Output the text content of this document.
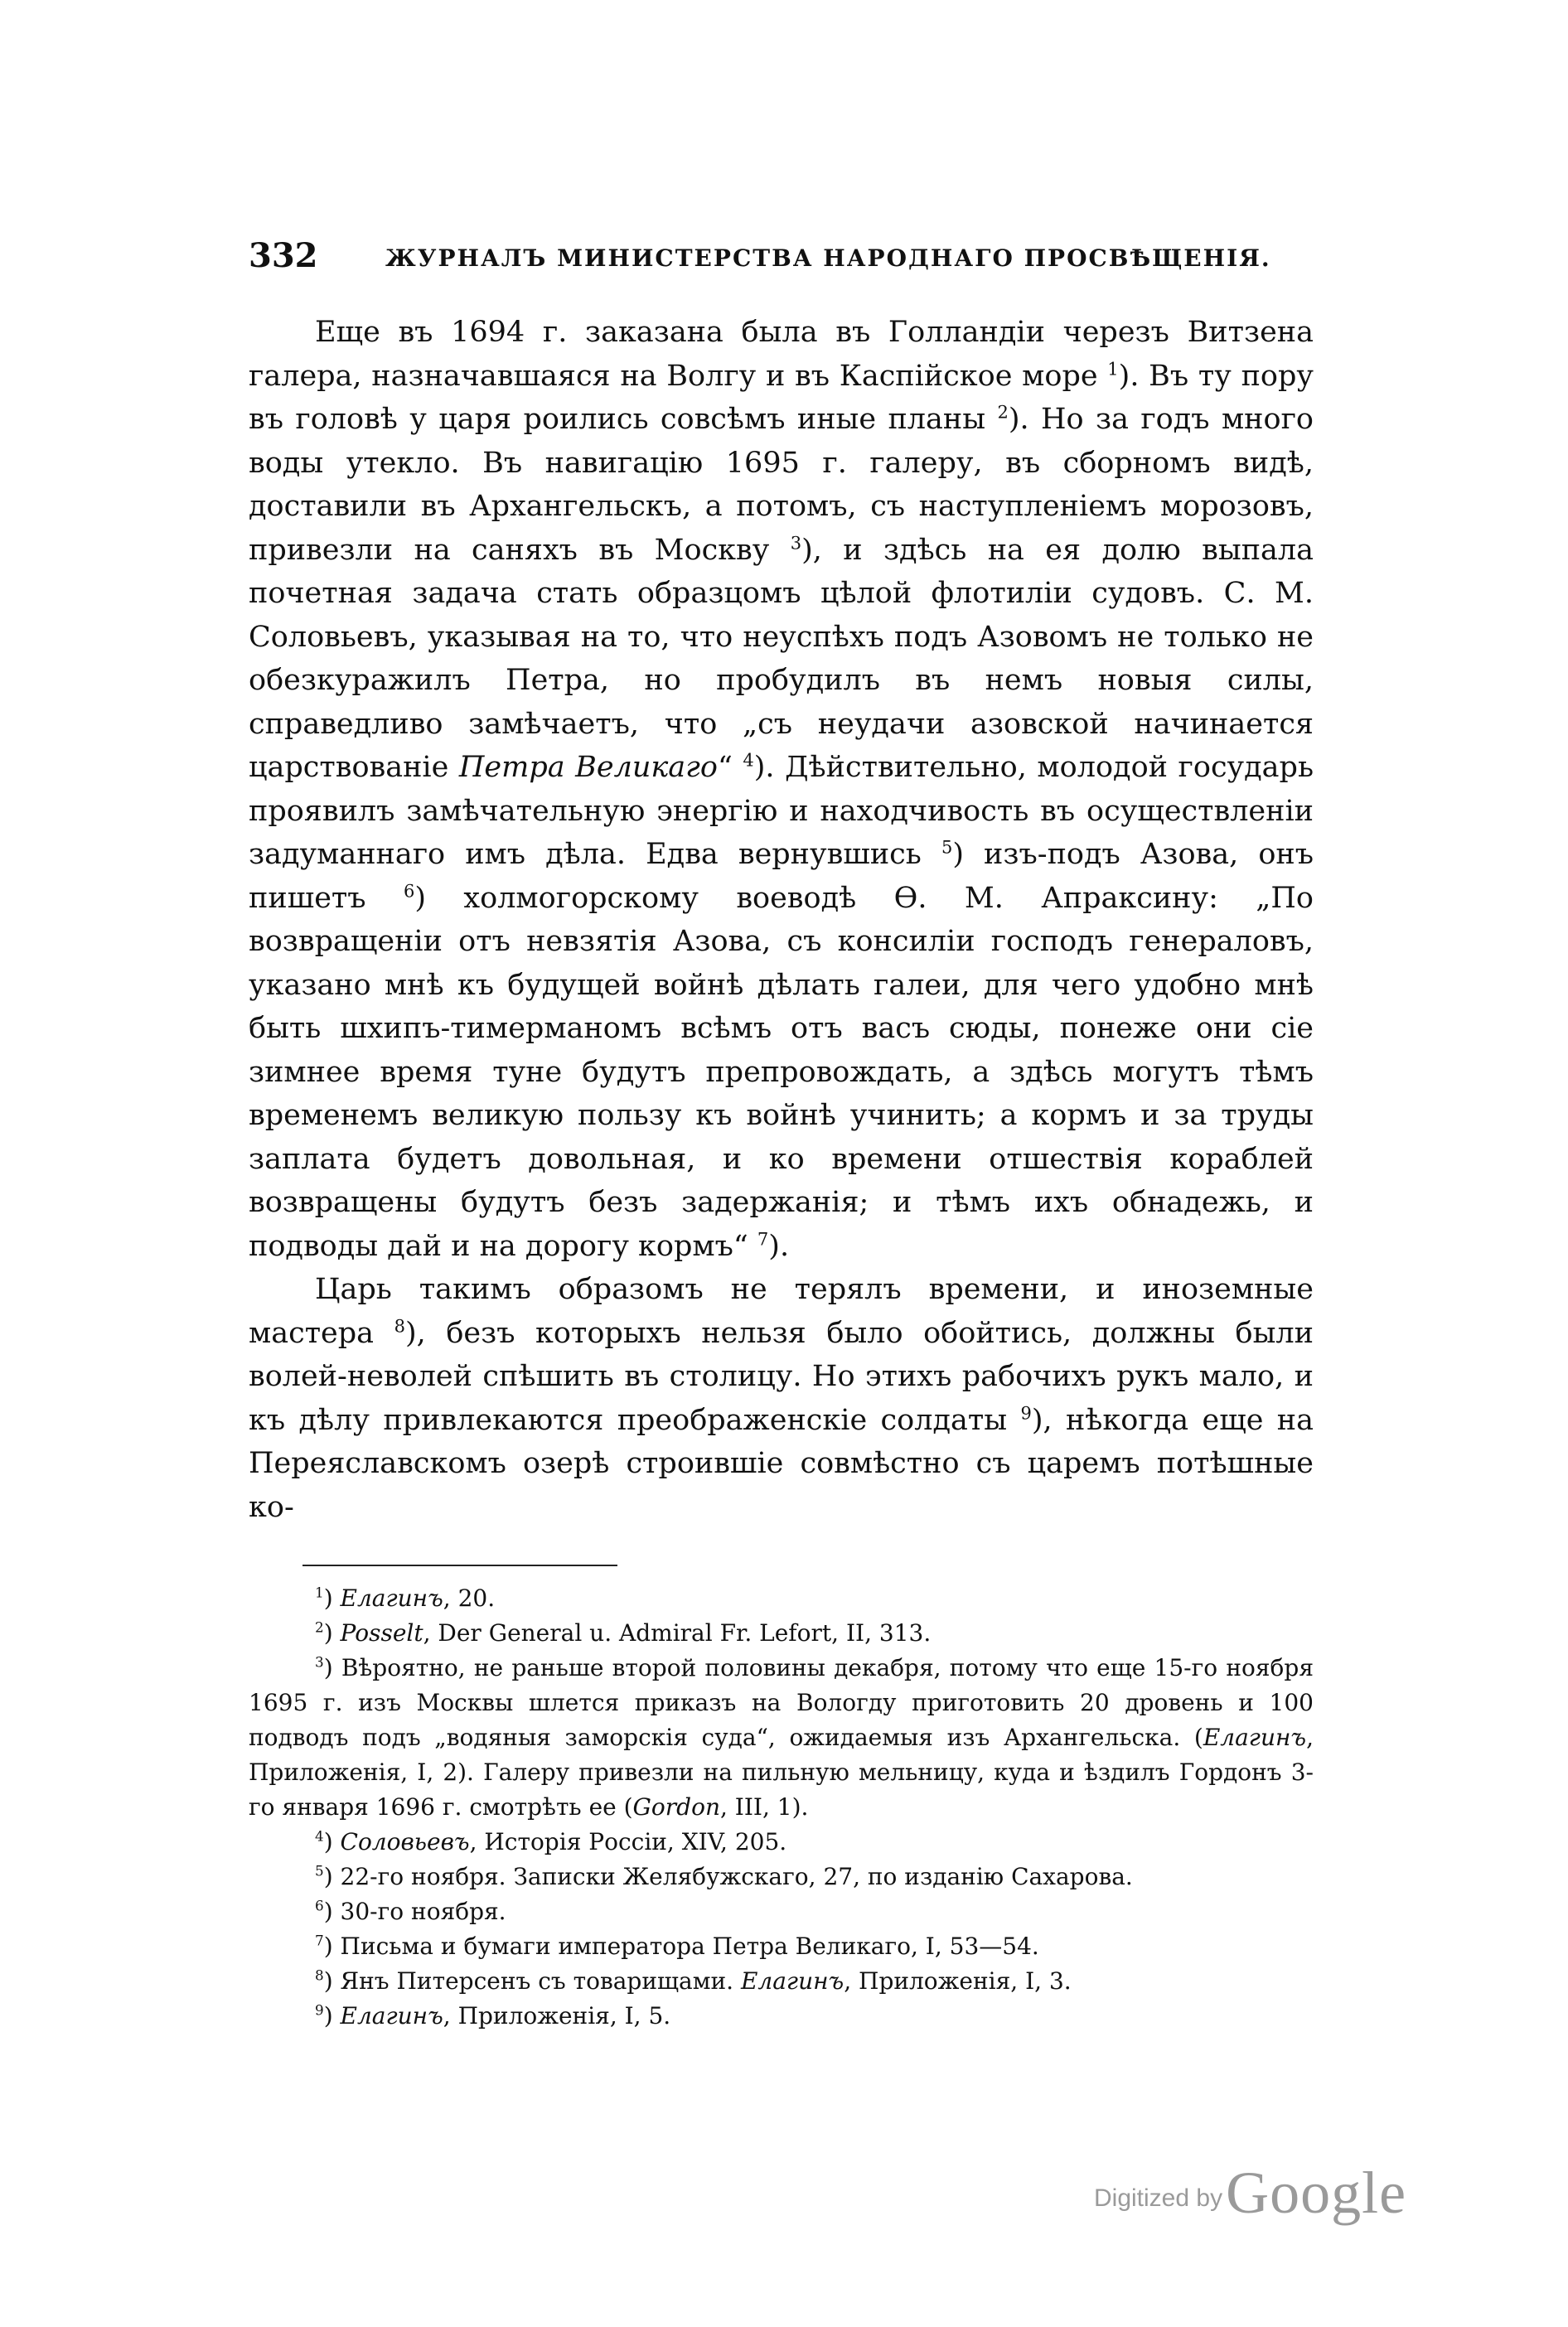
332	ЖУРНАЛЪ МИНИСТЕРСТВА НАРОДНАГО ПРОСВѢЩЕНІЯ.

Еще въ 1694 г. заказана была въ Голландіи черезъ Витзена галера, назначавшаяся на Волгу и въ Каспійское море $^1$). Въ ту пору въ головѣ у царя роились совсѣмъ иные планы $^2$). Но за годъ много воды утекло. Въ навигацію 1695 г. галеру, въ сборномъ видѣ, доставили въ Архангельскъ, а потомъ, съ наступленіемъ морозовъ, привезли на саняхъ въ Москву $^3$), и здѣсь на ея долю выпала почетная задача стать образцомъ цѣлой флотиліи судовъ. С. М. Соловьевъ, указывая на то, что неуспѣхъ подъ Азовомъ не только не обезкуражилъ Петра, но пробудилъ въ немъ новыя силы, справедливо замѣчаетъ, что „съ неудачи азовской начинается царствованіе Петра Великаго“ $^4$). Дѣйствительно, молодой государь проявилъ замѣчательную энергію и находчивость въ осуществленіи задуманнаго имъ дѣла. Едва вернувшись $^5$) изъ-подъ Азова, онъ пишетъ $^6$) холмогорскому воеводѣ Ѳ. М. Апраксину: „По возвращеніи отъ невзятія Азова, съ консиліи господъ генераловъ, указано мнѣ къ будущей войнѣ дѣлать галеи, для чего удобно мнѣ быть шхипъ-тимерманомъ всѣмъ отъ васъ сюды, понеже они сіе зимнее время туне будутъ препровождать, а здѣсь могутъ тѣмъ временемъ великую пользу къ войнѣ учинить; а кормъ и за труды заплата будетъ довольная, и ко времени отшествія кораблей возвращены будутъ безъ задержанія; и тѣмъ ихъ обнадежь, и подводы дай и на дорогу кормъ“ $^7$).

Царь такимъ образомъ не терялъ времени, и иноземные мастера $^8$), безъ которыхъ нельзя было обойтись, должны были волей-неволей спѣшить въ столицу. Но этихъ рабочихъ рукъ мало, и къ дѣлу привлекаются преображенскіе солдаты $^9$), нѣкогда еще на Переяславскомъ озерѣ строившіе совмѣстно съ царемъ потѣшные ко-

$^1$) Елагинъ, 20.

$^2$) Posselt, Der General u. Admiral Fr. Lefort, II, 313.

$^3$) Вѣроятно, не раньше второй половины декабря, потому что еще 15-го ноября 1695 г. изъ Москвы шлется приказъ на Вологду приготовить 20 дровень и 100 подводъ подъ „водяныя заморскія суда“, ожидаемыя изъ Архангельска. (Елагинъ, Приложенія, I, 2). Галеру привезли на пильную мельницу, куда и ѣздилъ Гордонъ 3-го января 1696 г. смотрѣть ее (Gordon, III, 1).

$^4$) Соловьевъ, Исторія Россіи, XIV, 205.

$^5$) 22-го ноября. Записки Желябужскаго, 27, по изданію Сахарова.

$^6$) 30-го ноября.

$^7$) Письма и бумаги императора Петра Великаго, I, 53—54.

$^8$) Янъ Питерсенъ съ товарищами. Елагинъ, Приложенія, I, 3.

$^9$) Елагинъ, Приложенія, I, 5.

Digitized by Google
